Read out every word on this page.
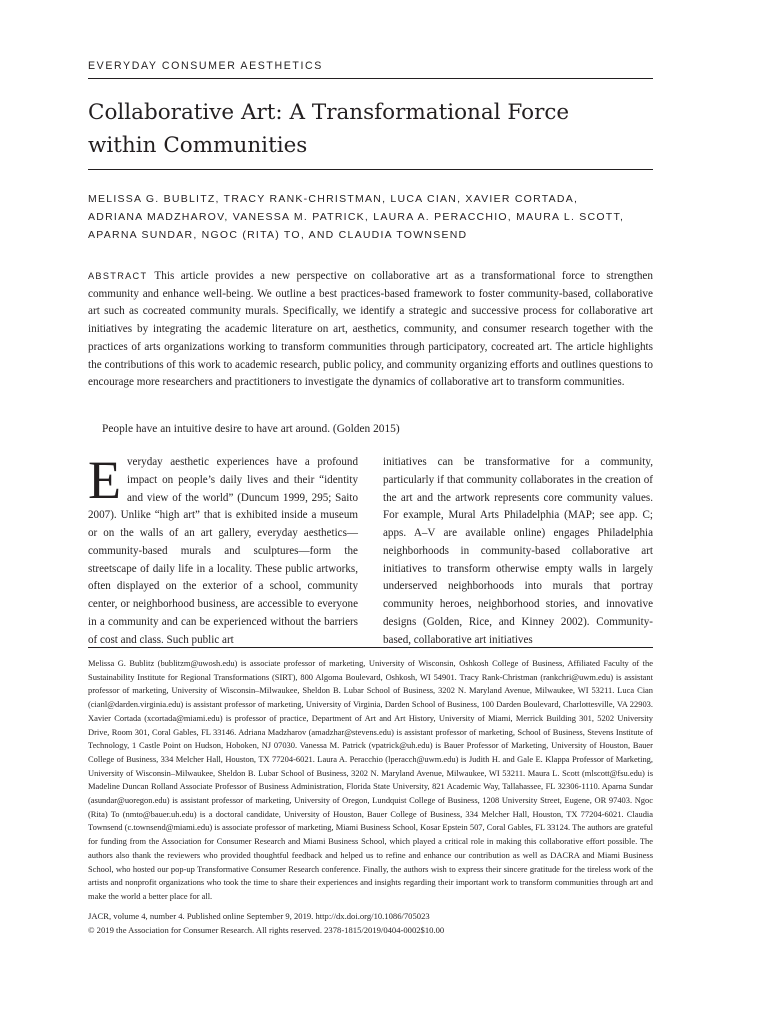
EVERYDAY CONSUMER AESTHETICS
Collaborative Art: A Transformational Force
within Communities
MELISSA G. BUBLITZ, TRACY RANK-CHRISTMAN, LUCA CIAN, XAVIER CORTADA,
ADRIANA MADZHAROV, VANESSA M. PATRICK, LAURA A. PERACCHIO, MAURA L. SCOTT,
APARNA SUNDAR, NGOC (RITA) TO, AND CLAUDIA TOWNSEND
ABSTRACT This article provides a new perspective on collaborative art as a transformational force to strengthen community and enhance well-being. We outline a best practices-based framework to foster community-based, collaborative art such as cocreated community murals. Specifically, we identify a strategic and successive process for collaborative art initiatives by integrating the academic literature on art, aesthetics, community, and consumer research together with the practices of arts organizations working to transform communities through participatory, cocreated art. The article highlights the contributions of this work to academic research, public policy, and community organizing efforts and outlines questions to encourage more researchers and practitioners to investigate the dynamics of collaborative art to transform communities.
People have an intuitive desire to have art around. (Golden 2015)
Everyday aesthetic experiences have a profound impact on people’s daily lives and their “identity and view of the world” (Duncum 1999, 295; Saito 2007). Unlike “high art” that is exhibited inside a museum or on the walls of an art gallery, everyday aesthetics—community-based murals and sculptures—form the streetscape of daily life in a locality. These public artworks, often displayed on the exterior of a school, community center, or neighborhood business, are accessible to everyone in a community and can be experienced without the barriers of cost and class. Such public art
initiatives can be transformative for a community, particularly if that community collaborates in the creation of the art and the artwork represents core community values. For example, Mural Arts Philadelphia (MAP; see app. C; apps. A–V are available online) engages Philadelphia neighborhoods in community-based collaborative art initiatives to transform otherwise empty walls in largely underserved neighborhoods into murals that portray community heroes, neighborhood stories, and innovative designs (Golden, Rice, and Kinney 2002). Community-based, collaborative art initiatives
Melissa G. Bublitz (bublitzm@uwosh.edu) is associate professor of marketing, University of Wisconsin, Oshkosh College of Business, Affiliated Faculty of the Sustainability Institute for Regional Transformations (SIRT), 800 Algoma Boulevard, Oshkosh, WI 54901. Tracy Rank-Christman (rankchri@uwm.edu) is assistant professor of marketing, University of Wisconsin–Milwaukee, Sheldon B. Lubar School of Business, 3202 N. Maryland Avenue, Milwaukee, WI 53211. Luca Cian (cianl@darden.virginia.edu) is assistant professor of marketing, University of Virginia, Darden School of Business, 100 Darden Boulevard, Charlottesville, VA 22903. Xavier Cortada (xcortada@miami.edu) is professor of practice, Department of Art and Art History, University of Miami, Merrick Building 301, 5202 University Drive, Room 301, Coral Gables, FL 33146. Adriana Madzharov (amadzhar@stevens.edu) is assistant professor of marketing, School of Business, Stevens Institute of Technology, 1 Castle Point on Hudson, Hoboken, NJ 07030. Vanessa M. Patrick (vpatrick@uh.edu) is Bauer Professor of Marketing, University of Houston, Bauer College of Business, 334 Melcher Hall, Houston, TX 77204-6021. Laura A. Peracchio (lperacch@uwm.edu) is Judith H. and Gale E. Klappa Professor of Marketing, University of Wisconsin–Milwaukee, Sheldon B. Lubar School of Business, 3202 N. Maryland Avenue, Milwaukee, WI 53211. Maura L. Scott (mlscott@fsu.edu) is Madeline Duncan Rolland Associate Professor of Business Administration, Florida State University, 821 Academic Way, Tallahassee, FL 32306-1110. Aparna Sundar (asundar@uoregon.edu) is assistant professor of marketing, University of Oregon, Lundquist College of Business, 1208 University Street, Eugene, OR 97403. Ngoc (Rita) To (nmto@bauer.uh.edu) is a doctoral candidate, University of Houston, Bauer College of Business, 334 Melcher Hall, Houston, TX 77204-6021. Claudia Townsend (c.townsend@miami.edu) is associate professor of marketing, Miami Business School, Kosar Epstein 507, Coral Gables, FL 33124. The authors are grateful for funding from the Association for Consumer Research and Miami Business School, which played a critical role in making this collaborative effort possible. The authors also thank the reviewers who provided thoughtful feedback and helped us to refine and enhance our contribution as well as DACRA and Miami Business School, who hosted our pop-up Transformative Consumer Research conference. Finally, the authors wish to express their sincere gratitude for the tireless work of the artists and nonprofit organizations who took the time to share their experiences and insights regarding their important work to transform communities through art and make the world a better place for all.
JACR, volume 4, number 4. Published online September 9, 2019. http://dx.doi.org/10.1086/705023
© 2019 the Association for Consumer Research. All rights reserved. 2378-1815/2019/0404-0002$10.00
